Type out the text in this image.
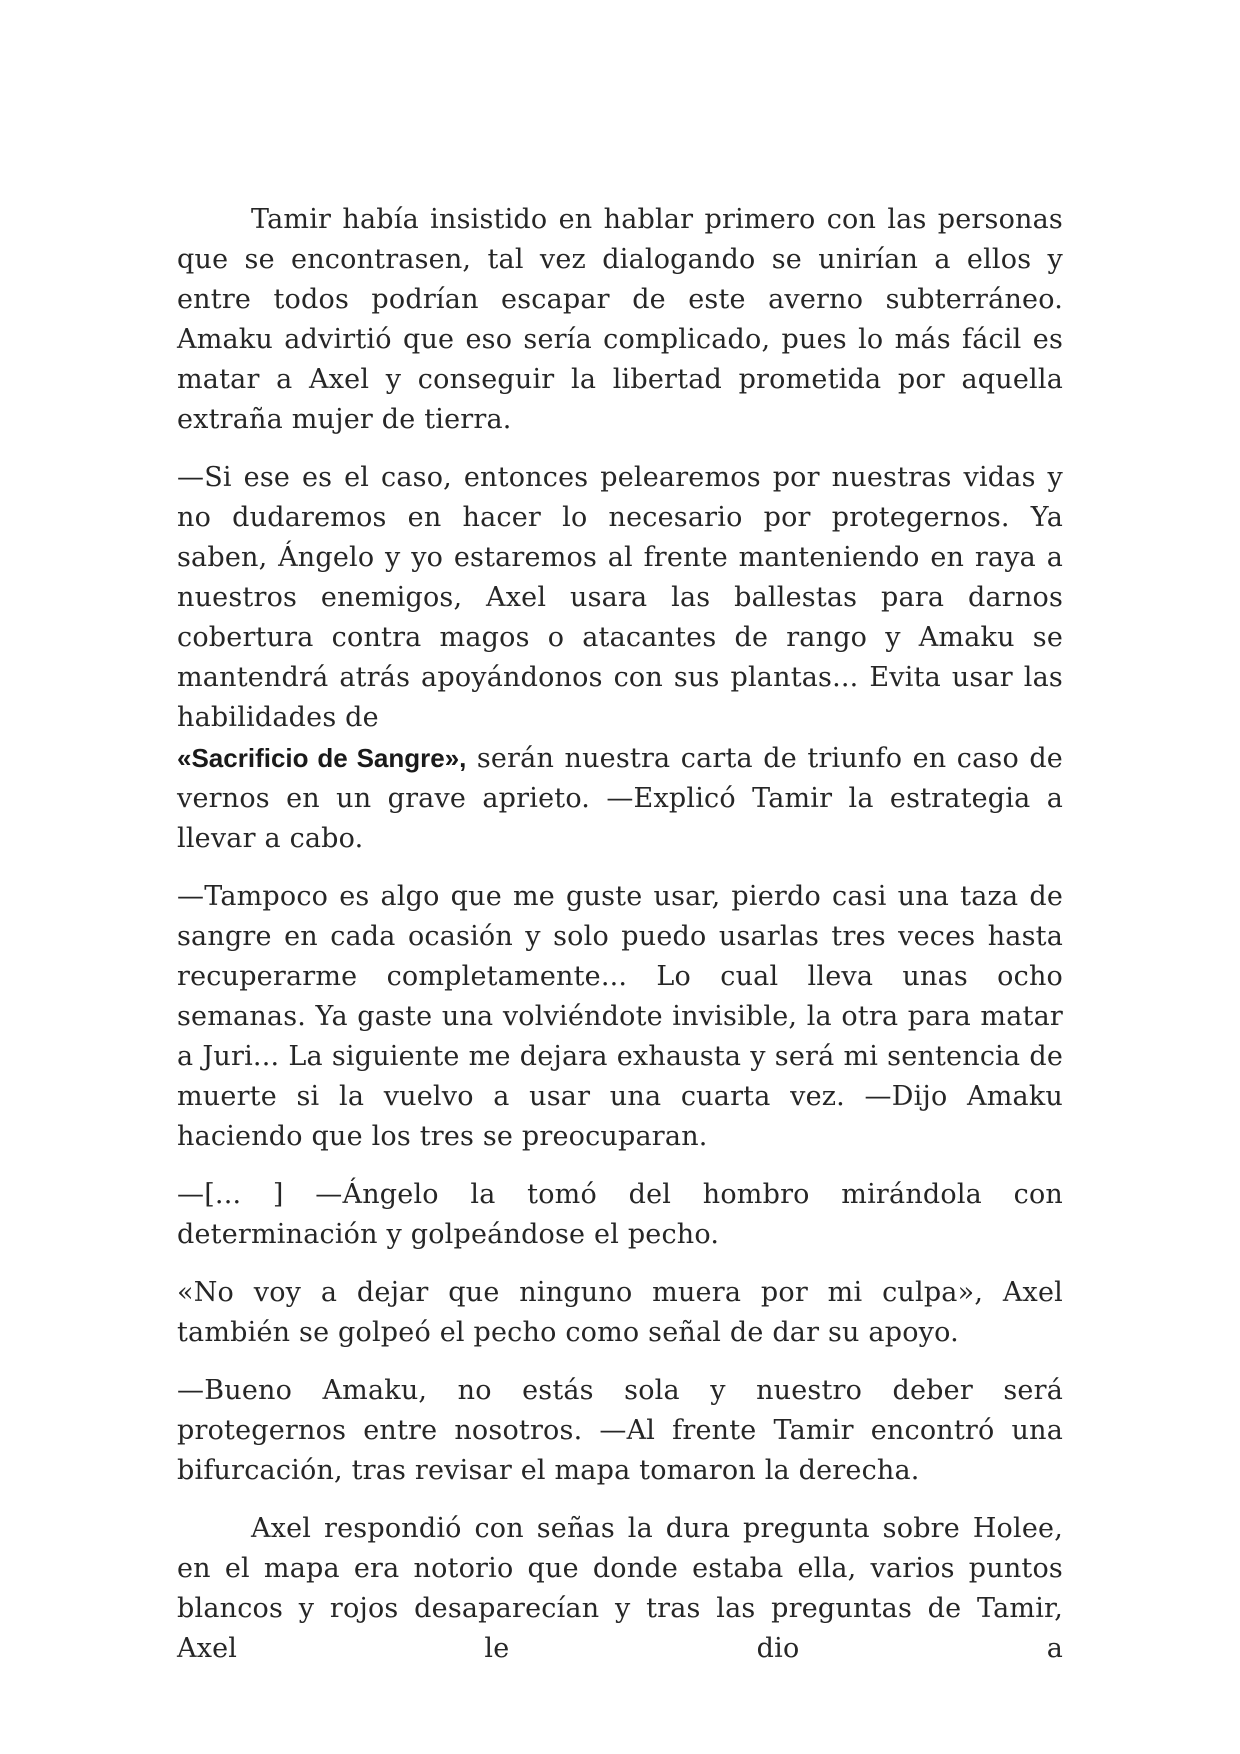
Tamir había insistido en hablar primero con las personas que se encontrasen, tal vez dialogando se unirían a ellos y entre todos podrían escapar de este averno subterráneo. Amaku advirtió que eso sería complicado, pues lo más fácil es matar a Axel y conseguir la libertad prometida por aquella extraña mujer de tierra.

—Si ese es el caso, entonces pelearemos por nuestras vidas y no dudaremos en hacer lo necesario por protegernos. Ya saben, Ángelo y yo estaremos al frente manteniendo en raya a nuestros enemigos, Axel usara las ballestas para darnos cobertura contra magos o atacantes de rango y Amaku se mantendrá atrás apoyándonos con sus plantas... Evita usar las habilidades de
«Sacrificio de Sangre», serán nuestra carta de triunfo en caso de vernos en un grave aprieto. —Explicó Tamir la estrategia a llevar a cabo.

—Tampoco es algo que me guste usar, pierdo casi una taza de sangre en cada ocasión y solo puedo usarlas tres veces hasta recuperarme completamente... Lo cual lleva unas ocho semanas. Ya gaste una volviéndote invisible, la otra para matar a Juri... La siguiente me dejara exhausta y será mi sentencia de muerte si la vuelvo a usar una cuarta vez. —Dijo Amaku haciendo que los tres se preocuparan.

—[... ] —Ángelo la tomó del hombro mirándola con determinación y golpeándose el pecho.

«No voy a dejar que ninguno muera por mi culpa», Axel también se golpeó el pecho como señal de dar su apoyo.

—Bueno Amaku, no estás sola y nuestro deber será protegernos entre nosotros. —Al frente Tamir encontró una bifurcación, tras revisar el mapa tomaron la derecha.

Axel respondió con señas la dura pregunta sobre Holee, en el mapa era notorio que donde estaba ella, varios puntos blancos y rojos desaparecían y tras las preguntas de Tamir, Axel le dio a
